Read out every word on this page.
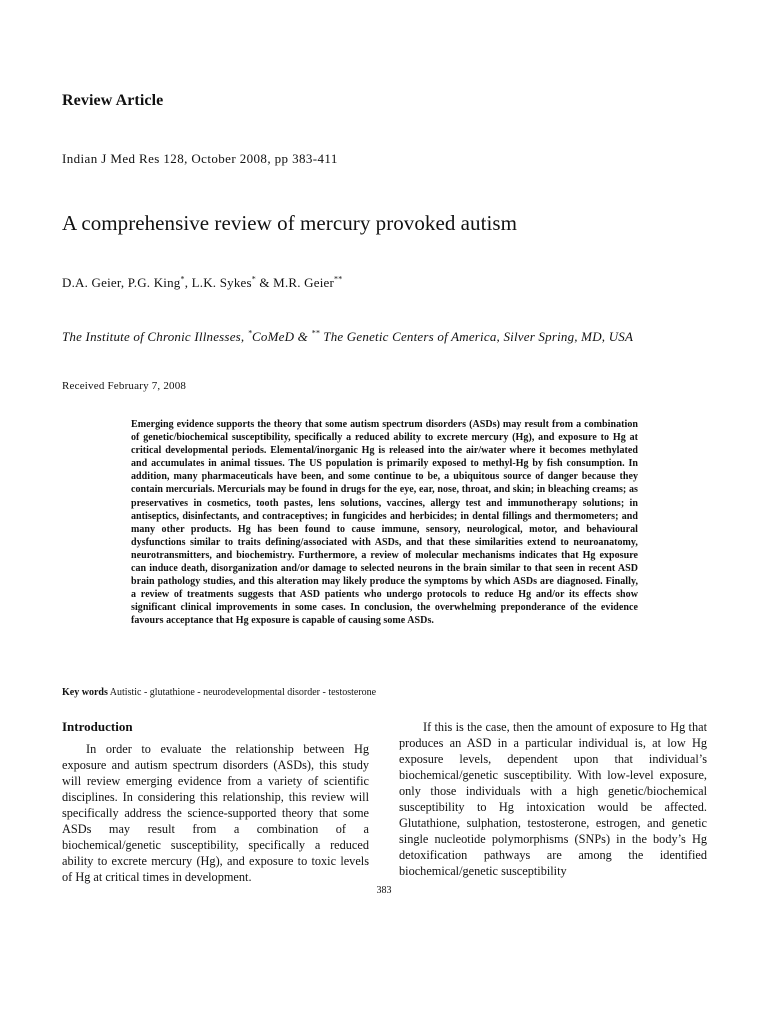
Review Article

Indian J Med Res 128, October 2008, pp 383-411

A comprehensive review of mercury provoked autism

D.A. Geier, P.G. King*, L.K. Sykes* & M.R. Geier**

The Institute of Chronic Illnesses, *CoMeD & ** The Genetic Centers of America, Silver Spring, MD, USA

Received February 7, 2008

Emerging evidence supports the theory that some autism spectrum disorders (ASDs) may result from a combination of genetic/biochemical susceptibility, specifically a reduced ability to excrete mercury (Hg), and exposure to Hg at critical developmental periods. Elemental/inorganic Hg is released into the air/water where it becomes methylated and accumulates in animal tissues. The US population is primarily exposed to methyl-Hg by fish consumption. In addition, many pharmaceuticals have been, and some continue to be, a ubiquitous source of danger because they contain mercurials. Mercurials may be found in drugs for the eye, ear, nose, throat, and skin; in bleaching creams; as preservatives in cosmetics, tooth pastes, lens solutions, vaccines, allergy test and immunotherapy solutions; in antiseptics, disinfectants, and contraceptives; in fungicides and herbicides; in dental fillings and thermometers; and many other products. Hg has been found to cause immune, sensory, neurological, motor, and behavioural dysfunctions similar to traits defining/associated with ASDs, and that these similarities extend to neuroanatomy, neurotransmitters, and biochemistry. Furthermore, a review of molecular mechanisms indicates that Hg exposure can induce death, disorganization and/or damage to selected neurons in the brain similar to that seen in recent ASD brain pathology studies, and this alteration may likely produce the symptoms by which ASDs are diagnosed. Finally, a review of treatments suggests that ASD patients who undergo protocols to reduce Hg and/or its effects show significant clinical improvements in some cases. In conclusion, the overwhelming preponderance of the evidence favours acceptance that Hg exposure is capable of causing some ASDs.

Key words Autistic - glutathione - neurodevelopmental disorder - testosterone

Introduction

In order to evaluate the relationship between Hg exposure and autism spectrum disorders (ASDs), this study will review emerging evidence from a variety of scientific disciplines. In considering this relationship, this review will specifically address the science-supported theory that some ASDs may result from a combination of a biochemical/genetic susceptibility, specifically a reduced ability to excrete mercury (Hg), and exposure to toxic levels of Hg at critical times in development.

If this is the case, then the amount of exposure to Hg that produces an ASD in a particular individual is, at low Hg exposure levels, dependent upon that individual’s biochemical/genetic susceptibility. With low-level exposure, only those individuals with a high genetic/biochemical susceptibility to Hg intoxication would be affected. Glutathione, sulphation, testosterone, estrogen, and genetic single nucleotide polymorphisms (SNPs) in the body’s Hg detoxification pathways are among the identified biochemical/genetic susceptibility

383
